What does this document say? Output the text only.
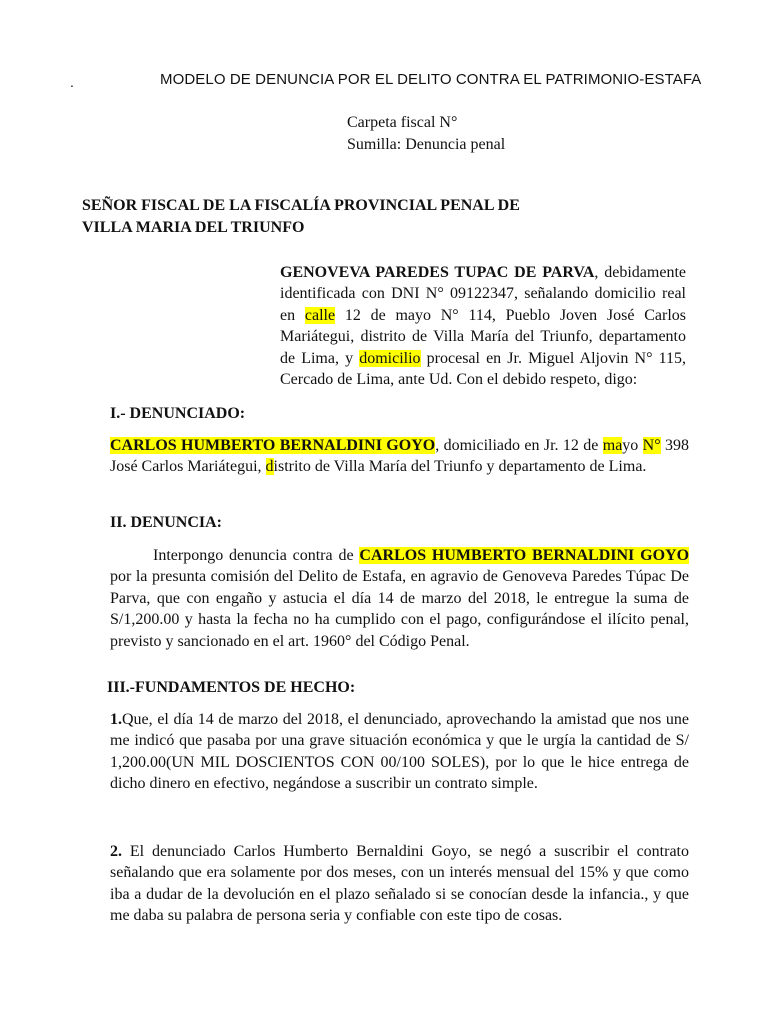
.	MODELO DE DENUNCIA POR EL DELITO CONTRA EL PATRIMONIO-ESTAFA
Carpeta fiscal N°
Sumilla: Denuncia penal
SEÑOR FISCAL DE LA FISCALÍA PROVINCIAL PENAL DE
VILLA MARIA DEL TRIUNFO

GENOVEVA PAREDES TUPAC DE PARVA, debidamente identificada con DNI N° 09122347, señalando domicilio real en calle 12 de mayo N° 114, Pueblo Joven José Carlos Mariátegui, distrito de Villa María del Triunfo, departamento de Lima, y domicilio procesal en Jr. Miguel Aljovin N° 115, Cercado de Lima, ante Ud. Con el debido respeto, digo:

I.- DENUNCIADO:

CARLOS HUMBERTO BERNALDINI GOYO, domiciliado en Jr. 12 de mayo N° 398 José Carlos Mariátegui, distrito de Villa María del Triunfo y departamento de Lima.

II. DENUNCIA:

Interpongo denuncia contra de CARLOS HUMBERTO BERNALDINI GOYO por la presunta comisión del Delito de Estafa, en agravio de Genoveva Paredes Túpac De Parva, que con engaño y astucia el día 14 de marzo del 2018, le entregue la suma de S/1,200.00 y hasta la fecha no ha cumplido con el pago, configurándose el ilícito penal, previsto y sancionado en el art. 1960° del Código Penal.

III.-FUNDAMENTOS DE HECHO:

1.Que, el día 14 de marzo del 2018, el denunciado, aprovechando la amistad que nos une me indicó que pasaba por una grave situación económica y que le urgía la cantidad de S/ 1,200.00(UN MIL DOSCIENTOS CON 00/100 SOLES), por lo que le hice entrega de dicho dinero en efectivo, negándose a suscribir un contrato simple.

2. El denunciado Carlos Humberto Bernaldini Goyo, se negó a suscribir el contrato señalando que era solamente por dos meses, con un interés mensual del 15% y que como iba a dudar de la devolución en el plazo señalado si se conocían desde la infancia., y que me daba su palabra de persona seria y confiable con este tipo de cosas.
